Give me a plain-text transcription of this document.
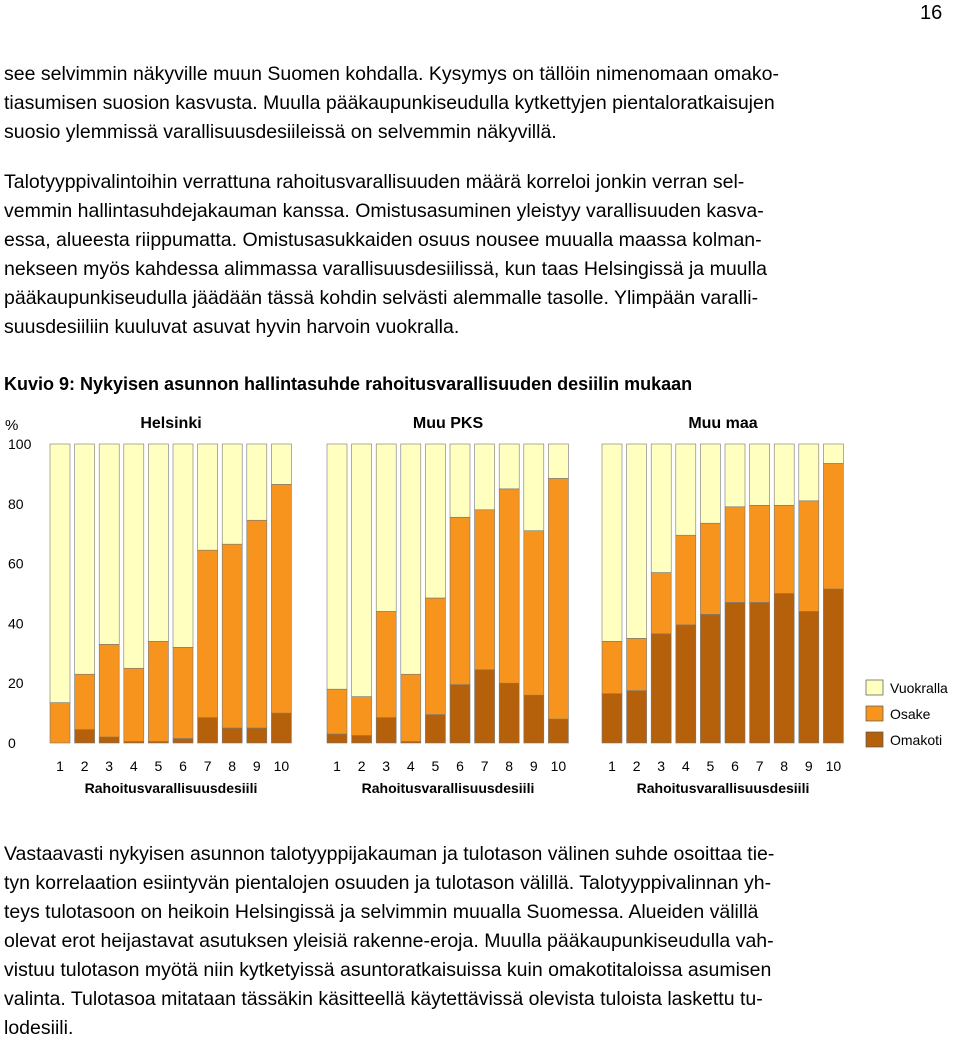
16

see selvimmin näkyville muun Suomen kohdalla. Kysymys on tällöin nimenomaan omako-
tiasumisen suosion kasvusta. Muulla pääkaupunkiseudulla kytkettyjen pientaloratkaisujen
suosio ylemmissä varallisuusdesiileissä on selvemmin näkyvillä.

Talotyyppivalintoihin verrattuna rahoitusvarallisuuden määrä korreloi jonkin verran sel-
vemmin hallintasuhdejakauman kanssa. Omistusasuminen yleistyy varallisuuden kasva-
essa, alueesta riippumatta. Omistusasukkaiden osuus nousee muualla maassa kolman-
nekseen myös kahdessa alimmassa varallisuusdesiilissä, kun taas Helsingissä ja muulla
pääkaupunkiseudulla jäädään tässä kohdin selvästi alemmalle tasolle. Ylimpään varalli-
suusdesiiliin kuuluvat asuvat hyvin harvoin vuokralla.

Kuvio 9: Nykyisen asunnon hallintasuhde rahoitusvarallisuuden desiilin mukaan

%
0
20
40
60
80
100
Helsinki
1 2 3 4 5 6 7 8 9 10
Rahoitusvarallisuusdesiili
Muu PKS
1 2 3 4 5 6 7 8 9 10
Rahoitusvarallisuusdesiili
Muu maa
1 2 3 4 5 6 7 8 9 10
Rahoitusvarallisuusdesiili
Vuokralla
Osake
Omakoti

Vastaavasti nykyisen asunnon talotyyppijakauman ja tulotason välinen suhde osoittaa tie-
tyn korrelaation esiintyvän pientalojen osuuden ja tulotason välillä. Talotyyppivalinnan yh-
teys tulotasoon on heikoin Helsingissä ja selvimmin muualla Suomessa. Alueiden välillä
olevat erot heijastavat asutuksen yleisiä rakenne-eroja. Muulla pääkaupunkiseudulla vah-
vistuu tulotason myötä niin kytketyissä asuntoratkaisuissa kuin omakotitaloissa asumisen
valinta. Tulotasoa mitataan tässäkin käsitteellä käytettävissä olevista tuloista laskettu tu-
lodesiili.
